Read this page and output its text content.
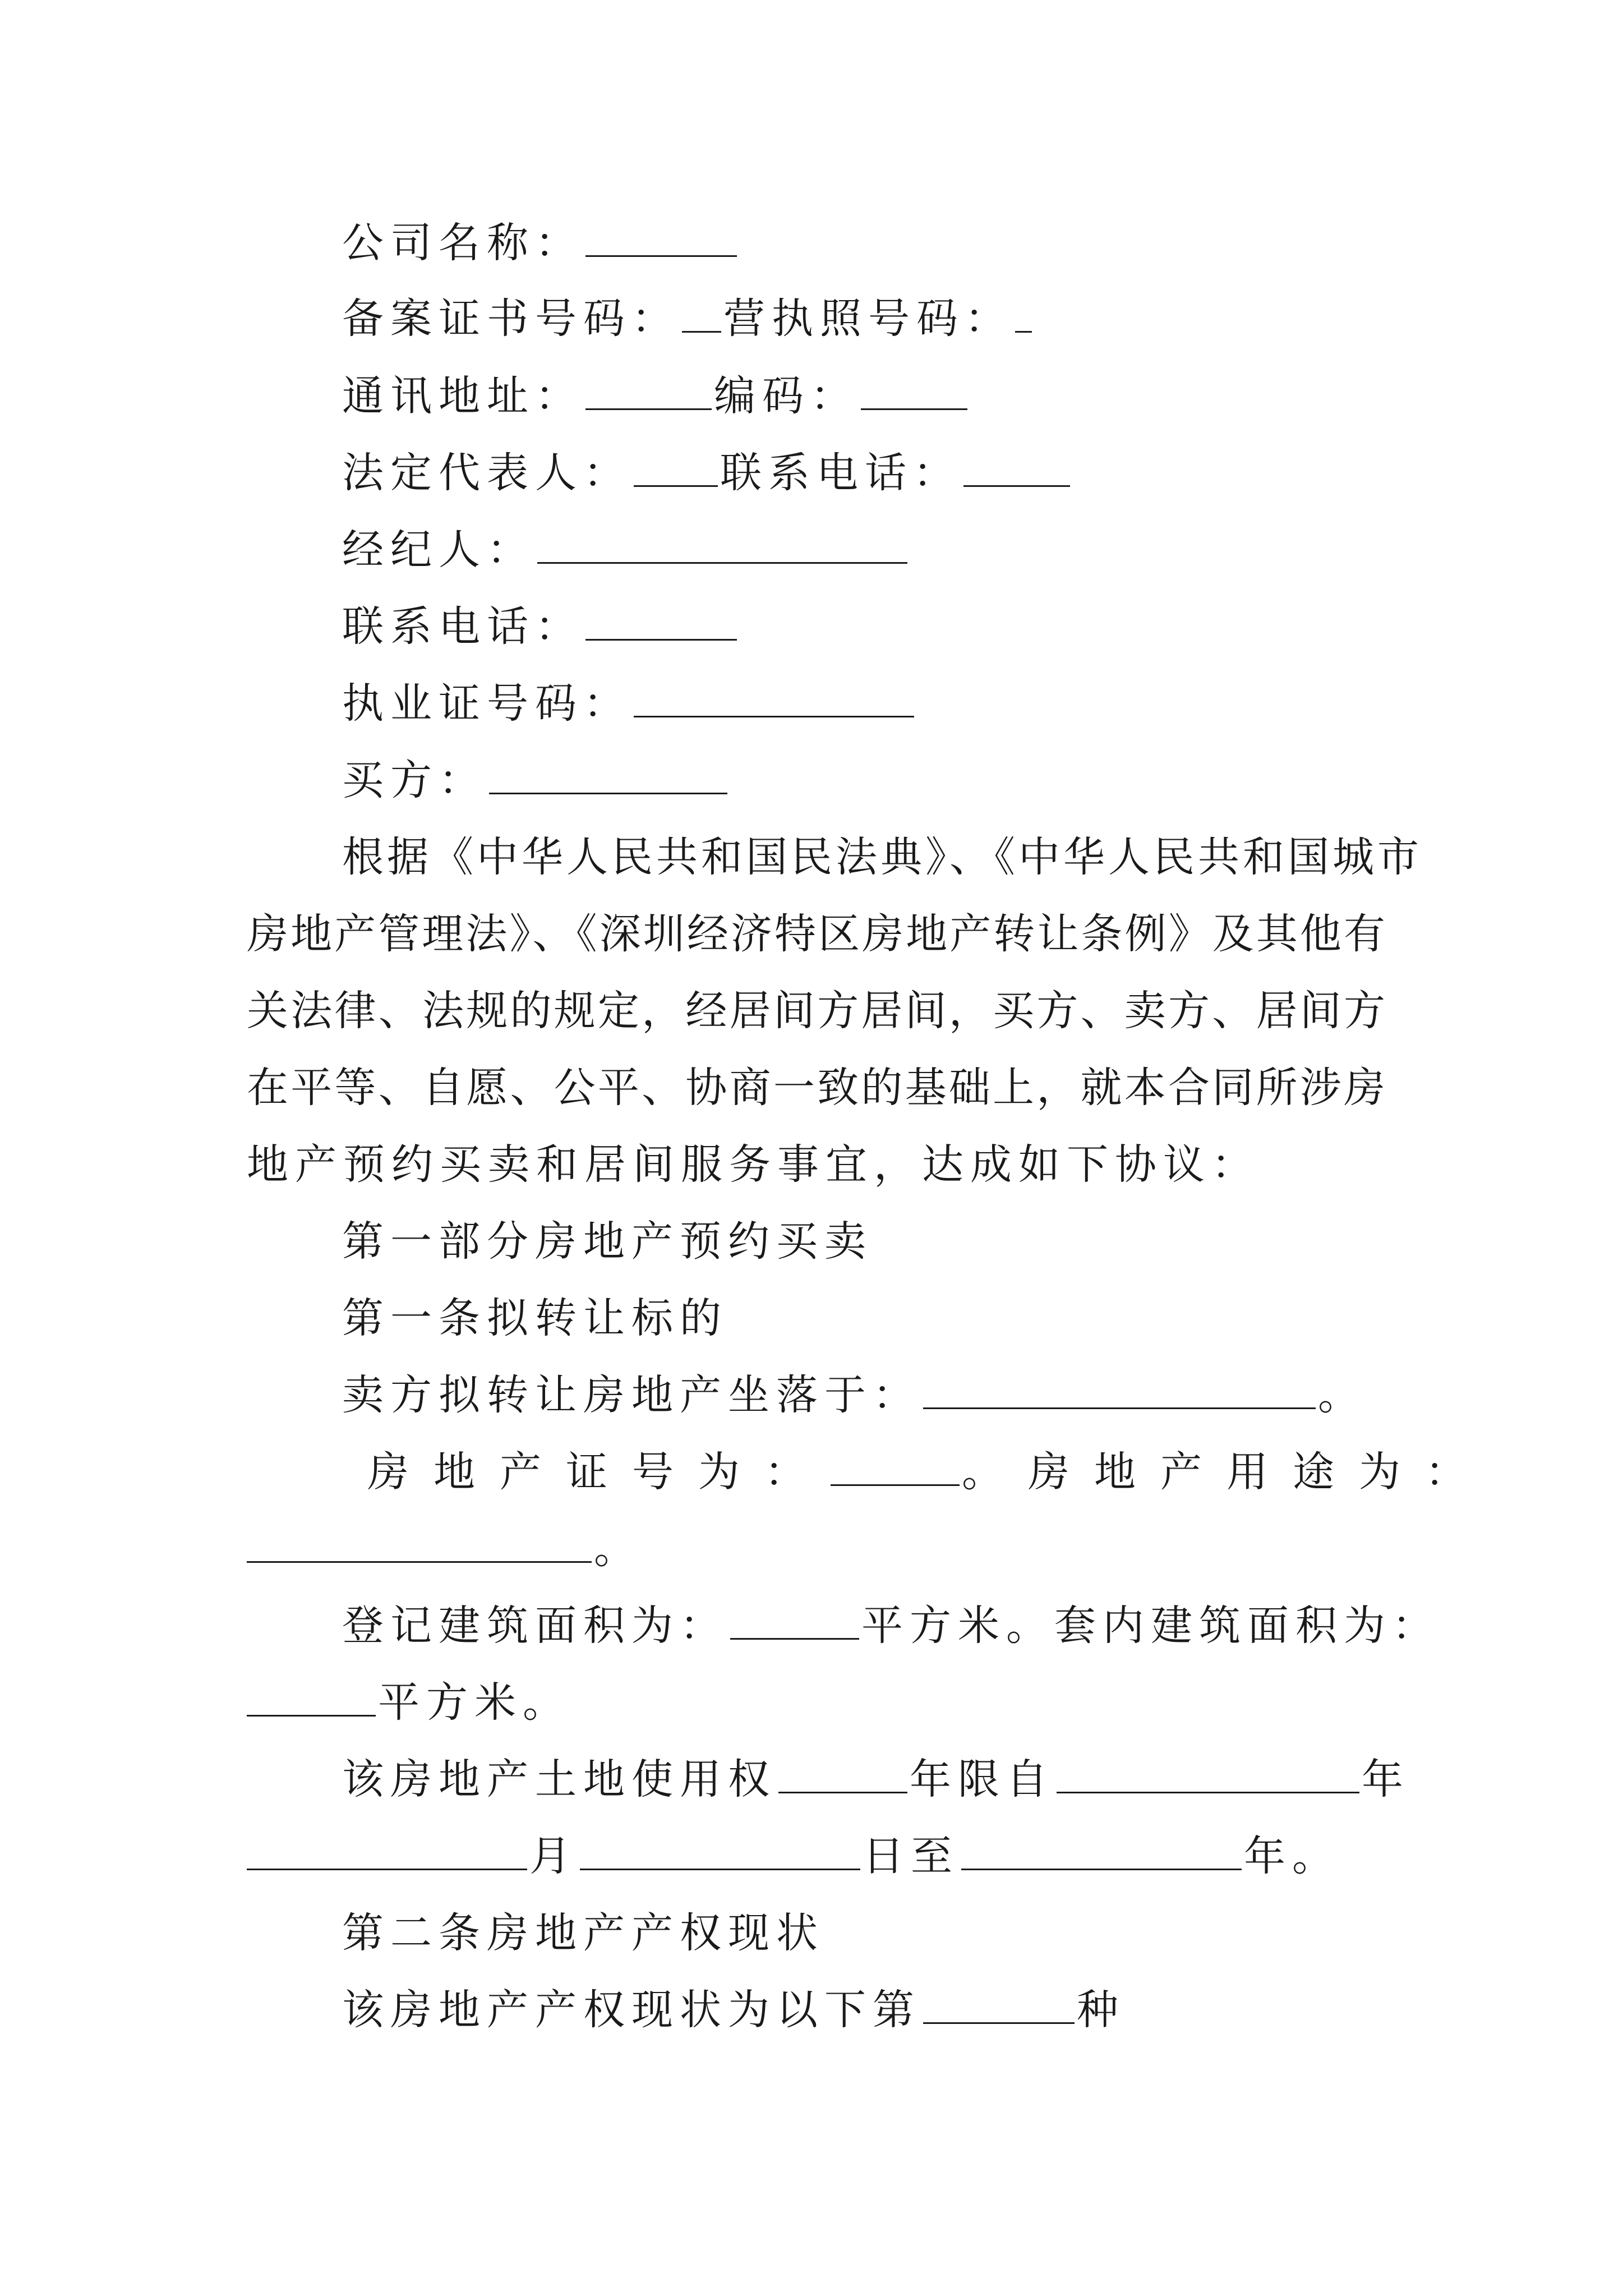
公司名称：
备案证书号码： 营执照号码：
通讯地址：	编码：
法定代表人： 联系电话：
经纪人：
联系电话：
执业证号码：
买方：
根据《中华人民共和国民法典》、《中华人民共和国城市
房地产管理法》、《深圳经济特区房地产转让条例》及其他有
关法律、法规的规定，经居间方居间，买方、卖方、居间方
在平等、自愿、公平、协商一致的基础上，就本合同所涉房
地产预约买卖和居间服务事宜，达成如下协议：
第一部分房地产预约买卖
第一条拟转让标的
卖方拟转让房地产坐落于：	。
房地产证号为：	。房地产用途为：
。
登记建筑面积为：	平方米。套内建筑面积为：
平方米。
该房地产土地使用权	年限自	年
月	日至	年。
第二条房地产产权现状
该房地产产权现状为以下第	种
